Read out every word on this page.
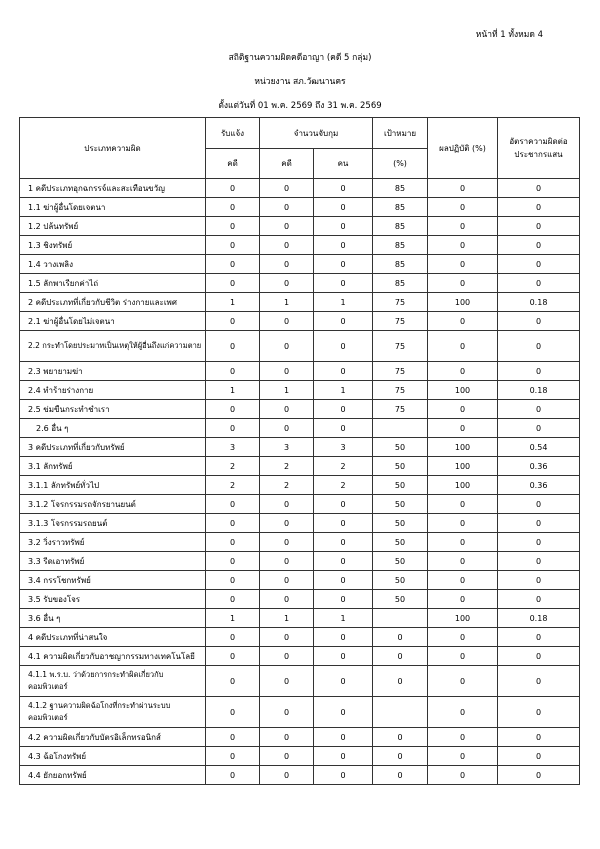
หน้าที่ 1 ทั้งหมด 4
สถิติฐานความผิดคดีอาญา (คดี 5 กลุ่ม)
หน่วยงาน สภ.วัฒนานคร
ตั้งแต่วันที่ 01 พ.ค. 2569 ถึง 31 พ.ค. 2569
ประเภทความผิด	รับแจ้ง	จำนวนจับกุม		เป้าหมาย	ผลปฏิบัติ (%)	อัตราความผิดต่อประชากรแสน
	คดี	คดี	คน	(%)		
1 คดีประเภทอุกฉกรรจ์และสะเทือนขวัญ	0	0	0	85	0	0
1.1 ฆ่าผู้อื่นโดยเจตนา	0	0	0	85	0	0
1.2 ปล้นทรัพย์	0	0	0	85	0	0
1.3 ชิงทรัพย์	0	0	0	85	0	0
1.4 วางเพลิง	0	0	0	85	0	0
1.5 ลักพาเรียกค่าไถ่	0	0	0	85	0	0
2 คดีประเภทที่เกี่ยวกับชีวิต ร่างกายและเพศ	1	1	1	75	100	0.18
2.1 ฆ่าผู้อื่นโดยไม่เจตนา	0	0	0	75	0	0
2.2 กระทำโดยประมาทเป็นเหตุให้ผู้อื่นถึงแก่ความตาย	0	0	0	75	0	0
2.3 พยายามฆ่า	0	0	0	75	0	0
2.4 ทำร้ายร่างกาย	1	1	1	75	100	0.18
2.5 ข่มขืนกระทำชำเรา	0	0	0	75	0	0
2.6 อื่น ๆ	0	0	0		0	0
3 คดีประเภทที่เกี่ยวกับทรัพย์	3	3	3	50	100	0.54
3.1 ลักทรัพย์	2	2	2	50	100	0.36
3.1.1 ลักทรัพย์ทั่วไป	2	2	2	50	100	0.36
3.1.2 โจรกรรมรถจักรยานยนต์	0	0	0	50	0	0
3.1.3 โจรกรรมรถยนต์	0	0	0	50	0	0
3.2 วิ่งราวทรัพย์	0	0	0	50	0	0
3.3 รีดเอาทรัพย์	0	0	0	50	0	0
3.4 กรรโชกทรัพย์	0	0	0	50	0	0
3.5 รับของโจร	0	0	0	50	0	0
3.6 อื่น ๆ	1	1	1		100	0.18
4 คดีประเภทที่น่าสนใจ	0	0	0	0	0	0
4.1 ความผิดเกี่ยวกับอาชญากรรมทางเทคโนโลยี	0	0	0	0	0	0
4.1.1 พ.ร.บ. ว่าด้วยการกระทำผิดเกี่ยวกับคอมพิวเตอร์	0	0	0	0	0	0
4.1.2 ฐานความผิดฉ้อโกงที่กระทำผ่านระบบคอมพิวเตอร์	0	0	0		0	0
4.2 ความผิดเกี่ยวกับบัตรอิเล็กทรอนิกส์	0	0	0	0	0	0
4.3 ฉ้อโกงทรัพย์	0	0	0	0	0	0
4.4 ยักยอกทรัพย์	0	0	0	0	0	0
